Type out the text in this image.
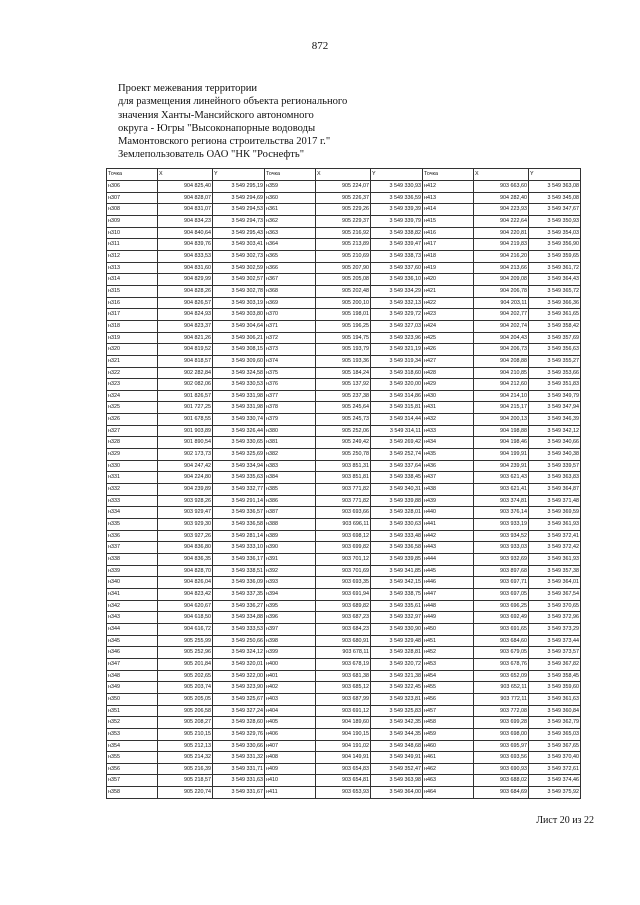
872
Проект межевания территории
для размещения линейного объекта регионального
значения Ханты-Мансийского автономного
округа - Югры "Высоконапорные водоводы
Мамонтовского региона строительства 2017 г."
Землепользователь ОАО "НК "Роснефть"
Точка	X	Y	Точка	X	Y	Точка	X	Y
н306	904 825,40	3 549 295,19	н359	905 224,07	3 549 330,93	н412	903 663,60	3 549 363,08
н307	904 828,07	3 549 294,69	н360	905 226,37	3 549 336,59	н413	904 282,40	3 549 345,08
н308	904 831,07	3 549 294,53	н361	905 229,26	3 549 339,39	н414	904 223,93	3 549 347,67
н309	904 834,23	3 549 294,73	н362	905 229,37	3 549 339,79	н415	904 222,64	3 549 350,93
н310	904 840,64	3 549 295,43	н363	905 216,92	3 549 338,82	н416	904 220,81	3 549 354,03
н311	904 839,76	3 549 303,41	н364	905 213,89	3 549 339,47	н417	904 219,83	3 549 356,90
н312	904 833,53	3 549 302,73	н365	905 210,69	3 549 338,73	н418	904 216,20	3 549 359,65
н313	904 831,60	3 549 302,59	н366	905 207,90	3 549 337,60	н419	904 213,66	3 549 361,72
н314	904 829,99	3 549 302,57	н367	905 205,08	3 549 336,10	н420	904 209,08	3 549 364,43
н315	904 828,26	3 549 302,78	н368	905 202,48	3 549 334,29	н421	904 206,78	3 549 365,72
н316	904 826,57	3 549 303,19	н369	905 200,10	3 549 332,13	н422	904 203,11	3 549 366,36
н317	904 824,93	3 549 303,80	н370	905 198,01	3 549 329,72	н423	904 202,77	3 549 361,65
н318	904 823,37	3 549 304,64	н371	905 196,25	3 549 327,03	н424	904 202,74	3 549 358,42
н319	904 821,26	3 549 306,21	н372	905 194,75	3 549 323,96	н425	904 204,43	3 549 357,69
н320	904 819,52	3 549 308,15	н373	905 193,79	3 549 321,19	н426	904 206,73	3 549 356,63
н321	904 818,57	3 549 309,60	н374	905 193,36	3 549 319,34	н427	904 208,88	3 549 355,27
н322	902 282,84	3 549 324,58	н375	905 184,24	3 549 318,60	н428	904 210,85	3 549 353,66
н323	902 082,06	3 549 330,53	н376	905 137,92	3 549 320,00	н429	904 212,60	3 549 351,83
н324	901 826,57	3 549 331,98	н377	905 237,38	3 549 314,86	н430	904 214,10	3 549 349,79
н325	901 727,25	3 549 331,98	н378	905 245,64	3 549 315,81	н431	904 215,17	3 549 347,94
н326	901 678,55	3 549 330,74	н379	905 245,73	3 549 314,44	н432	904 200,13	3 549 346,39
н327	901 903,89	3 549 326,44	н380	905 252,06	3 549 314,11	н433	904 198,88	3 549 342,12
н328	901 890,54	3 549 330,65	н381	905 249,42	3 549 269,42	н434	904 198,46	3 549 340,66
н329	902 173,73	3 549 325,69	н382	905 250,78	3 549 252,74	н435	904 199,91	3 549 340,38
н330	904 247,42	3 549 334,94	н383	903 851,31	3 549 337,64	н436	904 239,91	3 549 339,57
н331	904 224,80	3 549 335,63	н384	903 851,81	3 549 338,45	н437	903 621,43	3 549 363,83
н332	904 239,89	3 549 332,77	н385	903 771,82	3 549 340,31	н438	903 621,41	3 549 364,87
н333	903 928,26	3 549 291,14	н386	903 771,82	3 549 339,88	н439	903 374,81	3 549 371,48
н334	903 929,47	3 549 336,57	н387	903 693,66	3 549 328,01	н440	903 376,14	3 549 369,59
н335	903 929,30	3 549 336,58	н388	903 696,11	3 549 330,63	н441	903 933,19	3 549 361,93
н336	903 927,26	3 549 281,14	н389	903 698,12	3 549 333,48	н442	903 934,52	3 549 372,41
н337	904 836,80	3 549 333,10	н390	903 699,82	3 549 336,58	н443	903 933,03	3 549 372,42
н338	904 836,35	3 549 336,17	н391	903 701,12	3 549 339,85	н444	903 932,69	3 549 361,93
н339	904 828,70	3 549 338,51	н392	903 701,69	3 549 341,85	н445	903 897,68	3 549 357,38
н340	904 826,04	3 549 336,09	н393	903 693,35	3 549 342,15	н446	903 697,71	3 549 364,01
н341	904 823,42	3 549 337,35	н394	903 691,94	3 549 338,75	н447	903 697,05	3 549 367,54
н342	904 620,67	3 549 336,27	н395	903 689,82	3 549 335,61	н448	903 696,25	3 549 370,65
н343	904 618,50	3 549 334,88	н396	903 687,23	3 549 332,97	н449	903 692,49	3 549 372,96
н344	904 616,72	3 549 333,53	н397	903 684,23	3 549 330,90	н450	903 691,65	3 549 373,29
н345	905 255,99	3 549 250,66	н398	903 680,91	3 549 329,48	н451	903 684,60	3 549 373,44
н346	905 252,96	3 549 324,12	н399	903 678,11	3 549 328,81	н452	903 679,05	3 549 373,57
н347	905 201,84	3 549 320,01	н400	903 678,19	3 549 320,72	н453	903 678,76	3 549 367,82
н348	905 202,65	3 549 322,00	н401	903 681,38	3 549 321,38	н454	903 652,09	3 549 358,45
н349	905 203,74	3 549 323,90	н402	903 685,12	3 549 322,45	н455	903 652,11	3 549 359,60
н350	905 205,05	3 549 325,67	н403	903 687,99	3 549 323,81	н456	903 772,11	3 549 361,63
н351	905 206,58	3 549 327,24	н404	903 691,12	3 549 325,83	н457	903 772,08	3 549 360,84
н352	905 208,27	3 549 328,60	н405	904 189,60	3 549 342,35	н458	903 699,28	3 549 362,79
н353	905 210,15	3 549 329,76	н406	904 190,15	3 549 344,35	н459	903 698,00	3 549 365,03
н354	905 212,13	3 549 330,66	н407	904 191,02	3 549 348,68	н460	903 695,97	3 549 367,65
н355	905 214,32	3 549 331,32	н408	904 149,91	3 549 349,91	н461	903 693,56	3 549 370,40
н356	905 216,39	3 549 331,71	н409	903 654,83	3 549 352,47	н462	903 690,93	3 549 372,61
н357	905 218,57	3 549 331,63	н410	903 654,81	3 549 363,98	н463	903 688,02	3 549 374,46
н358	905 220,74	3 549 331,67	н411	903 653,93	3 549 364,00	н464	903 684,69	3 549 375,92
Лист 20 из 22
